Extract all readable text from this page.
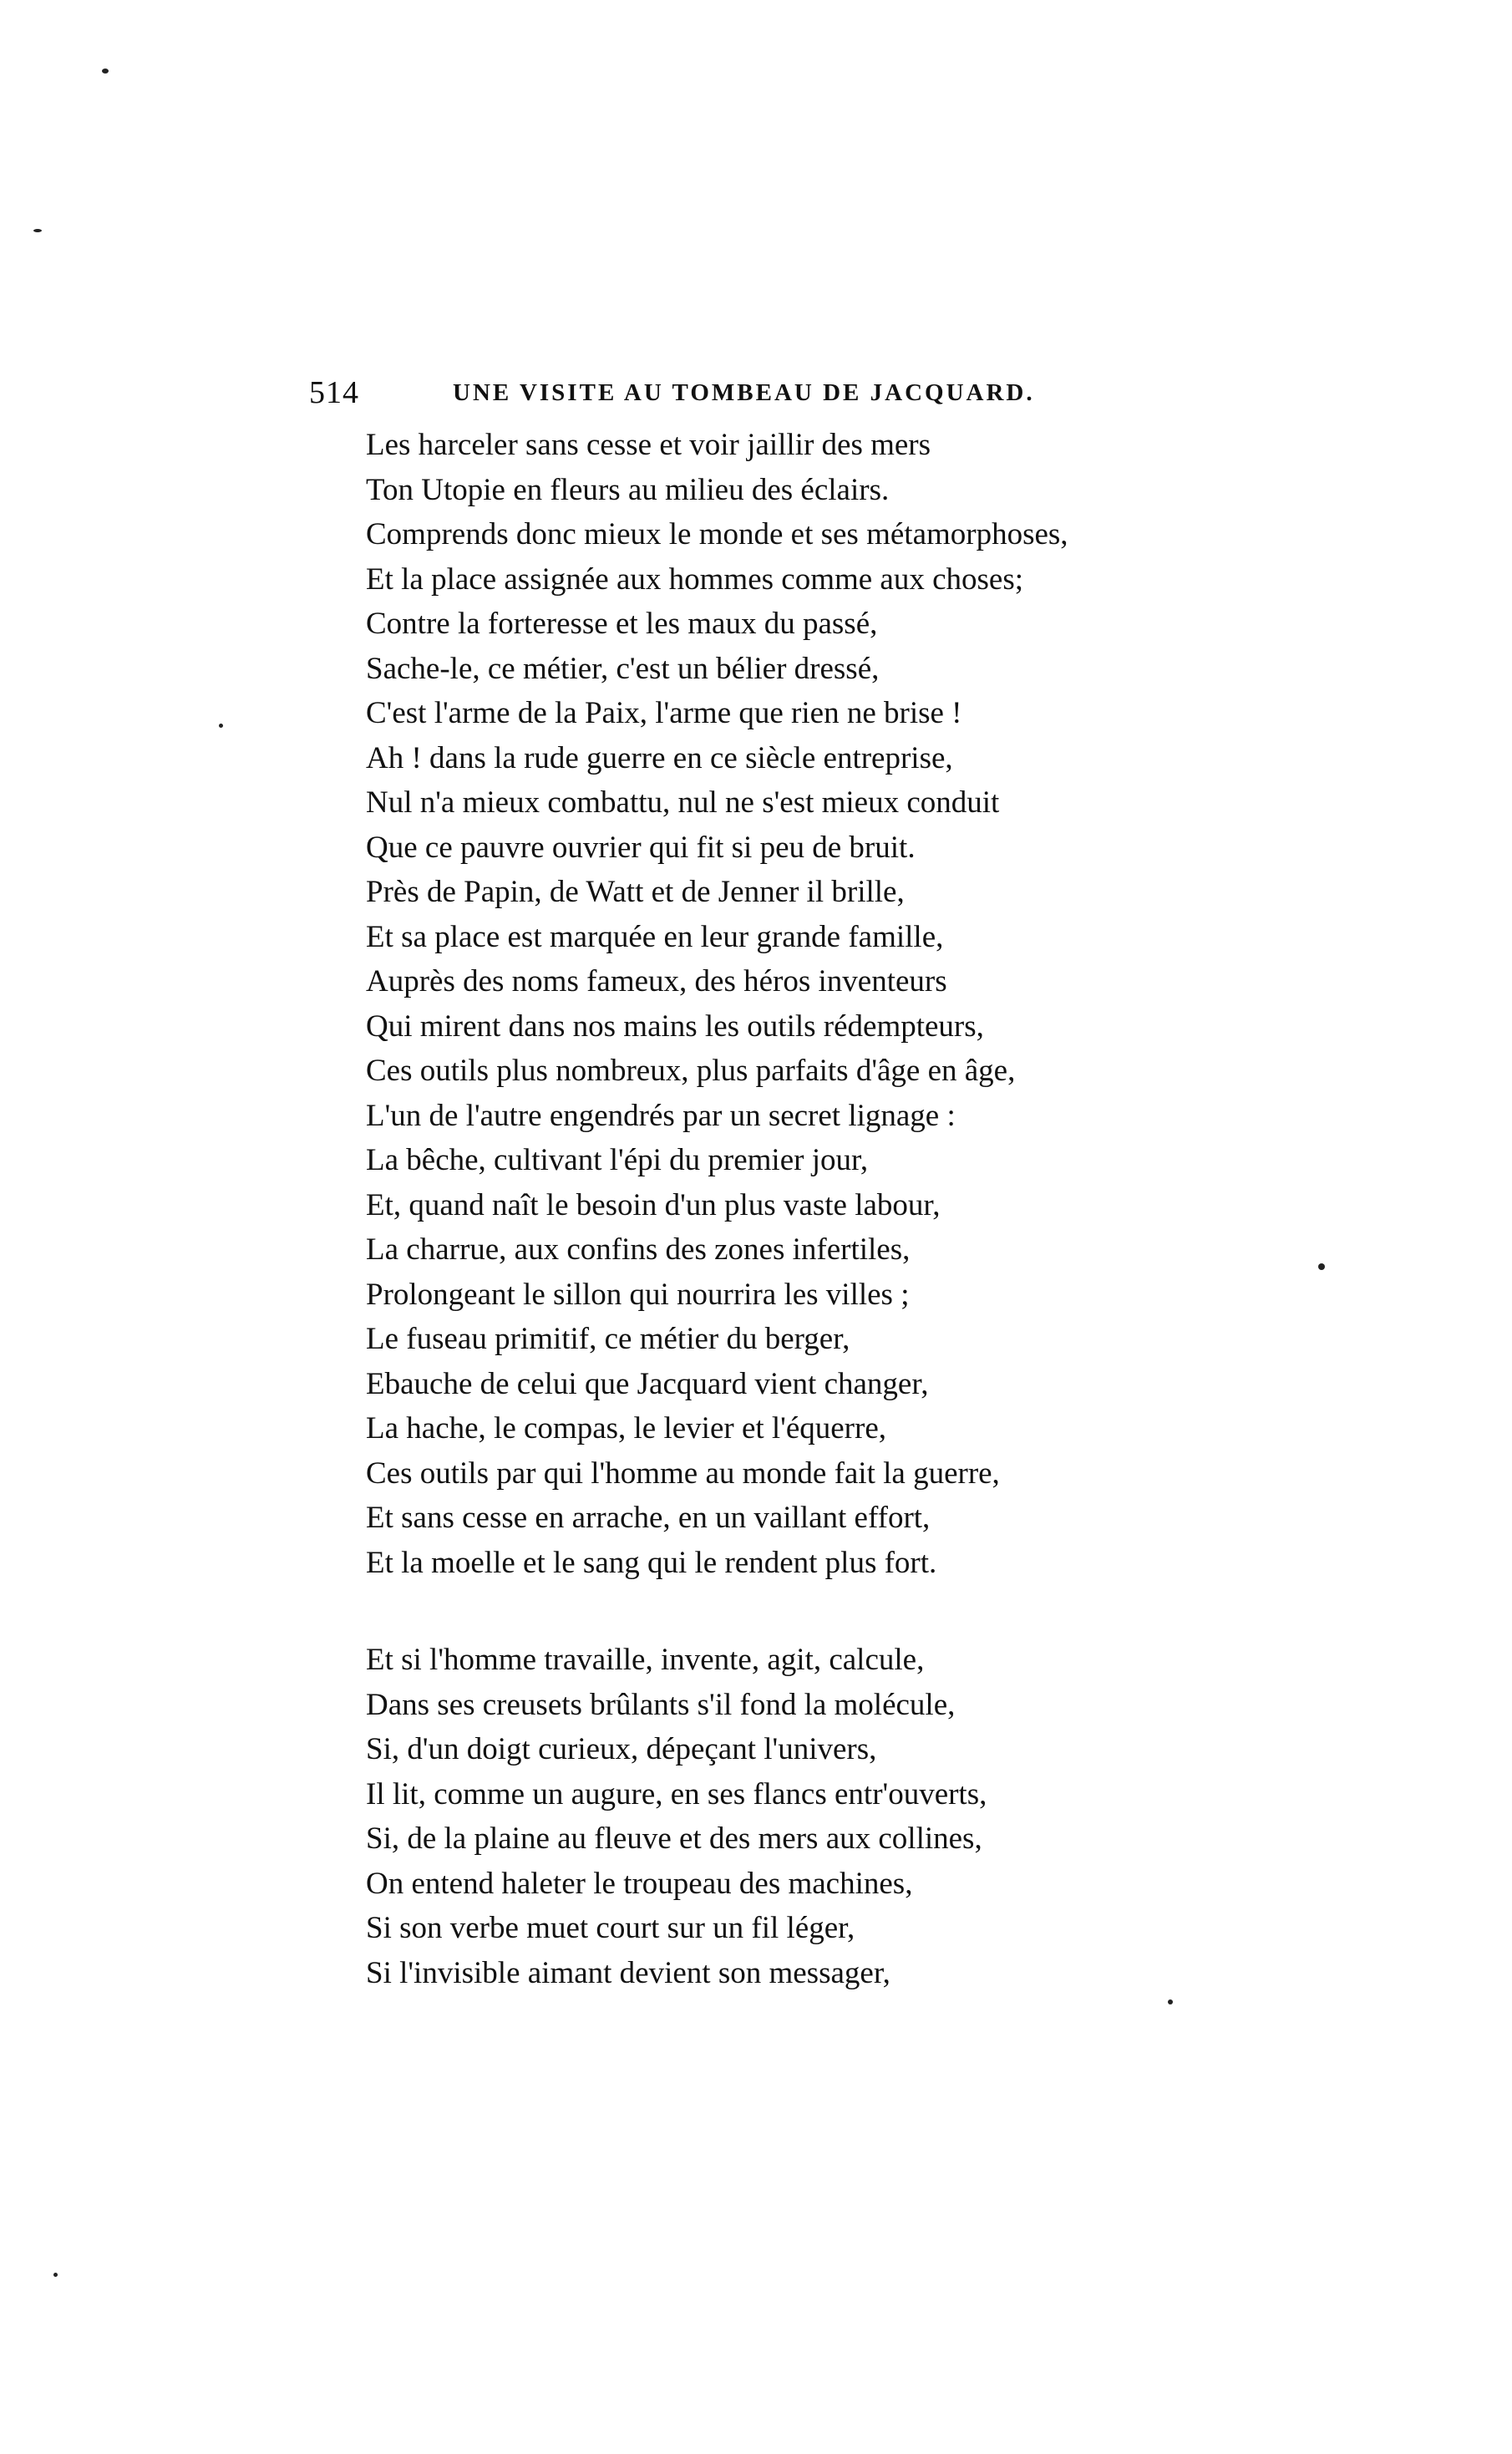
514	UNE VISITE AU TOMBEAU DE JACQUARD.
Les harceler sans cesse et voir jaillir des mers
Ton Utopie en fleurs au milieu des éclairs.
Comprends donc mieux le monde et ses métamorphoses,
Et la place assignée aux hommes comme aux choses;
Contre la forteresse et les maux du passé,
Sache-le, ce métier, c'est un bélier dressé,
C'est l'arme de la Paix, l'arme que rien ne brise !
Ah ! dans la rude guerre en ce siècle entreprise,
Nul n'a mieux combattu, nul ne s'est mieux conduit
Que ce pauvre ouvrier qui fit si peu de bruit.
Près de Papin, de Watt et de Jenner il brille,
Et sa place est marquée en leur grande famille,
Auprès des noms fameux, des héros inventeurs
Qui mirent dans nos mains les outils rédempteurs,
Ces outils plus nombreux, plus parfaits d'âge en âge,
L'un de l'autre engendrés par un secret lignage :
La bêche, cultivant l'épi du premier jour,
Et, quand naît le besoin d'un plus vaste labour,
La charrue, aux confins des zones infertiles,
Prolongeant le sillon qui nourrira les villes ;
Le fuseau primitif, ce métier du berger,
Ebauche de celui que Jacquard vient changer,
La hache, le compas, le levier et l'équerre,
Ces outils par qui l'homme au monde fait la guerre,
Et sans cesse en arrache, en un vaillant effort,
Et la moelle et le sang qui le rendent plus fort.
Et si l'homme travaille, invente, agit, calcule,
Dans ses creusets brûlants s'il fond la molécule,
Si, d'un doigt curieux, dépeçant l'univers,
Il lit, comme un augure, en ses flancs entr'ouverts,
Si, de la plaine au fleuve et des mers aux collines,
On entend haleter le troupeau des machines,
Si son verbe muet court sur un fil léger,
Si l'invisible aimant devient son messager,
